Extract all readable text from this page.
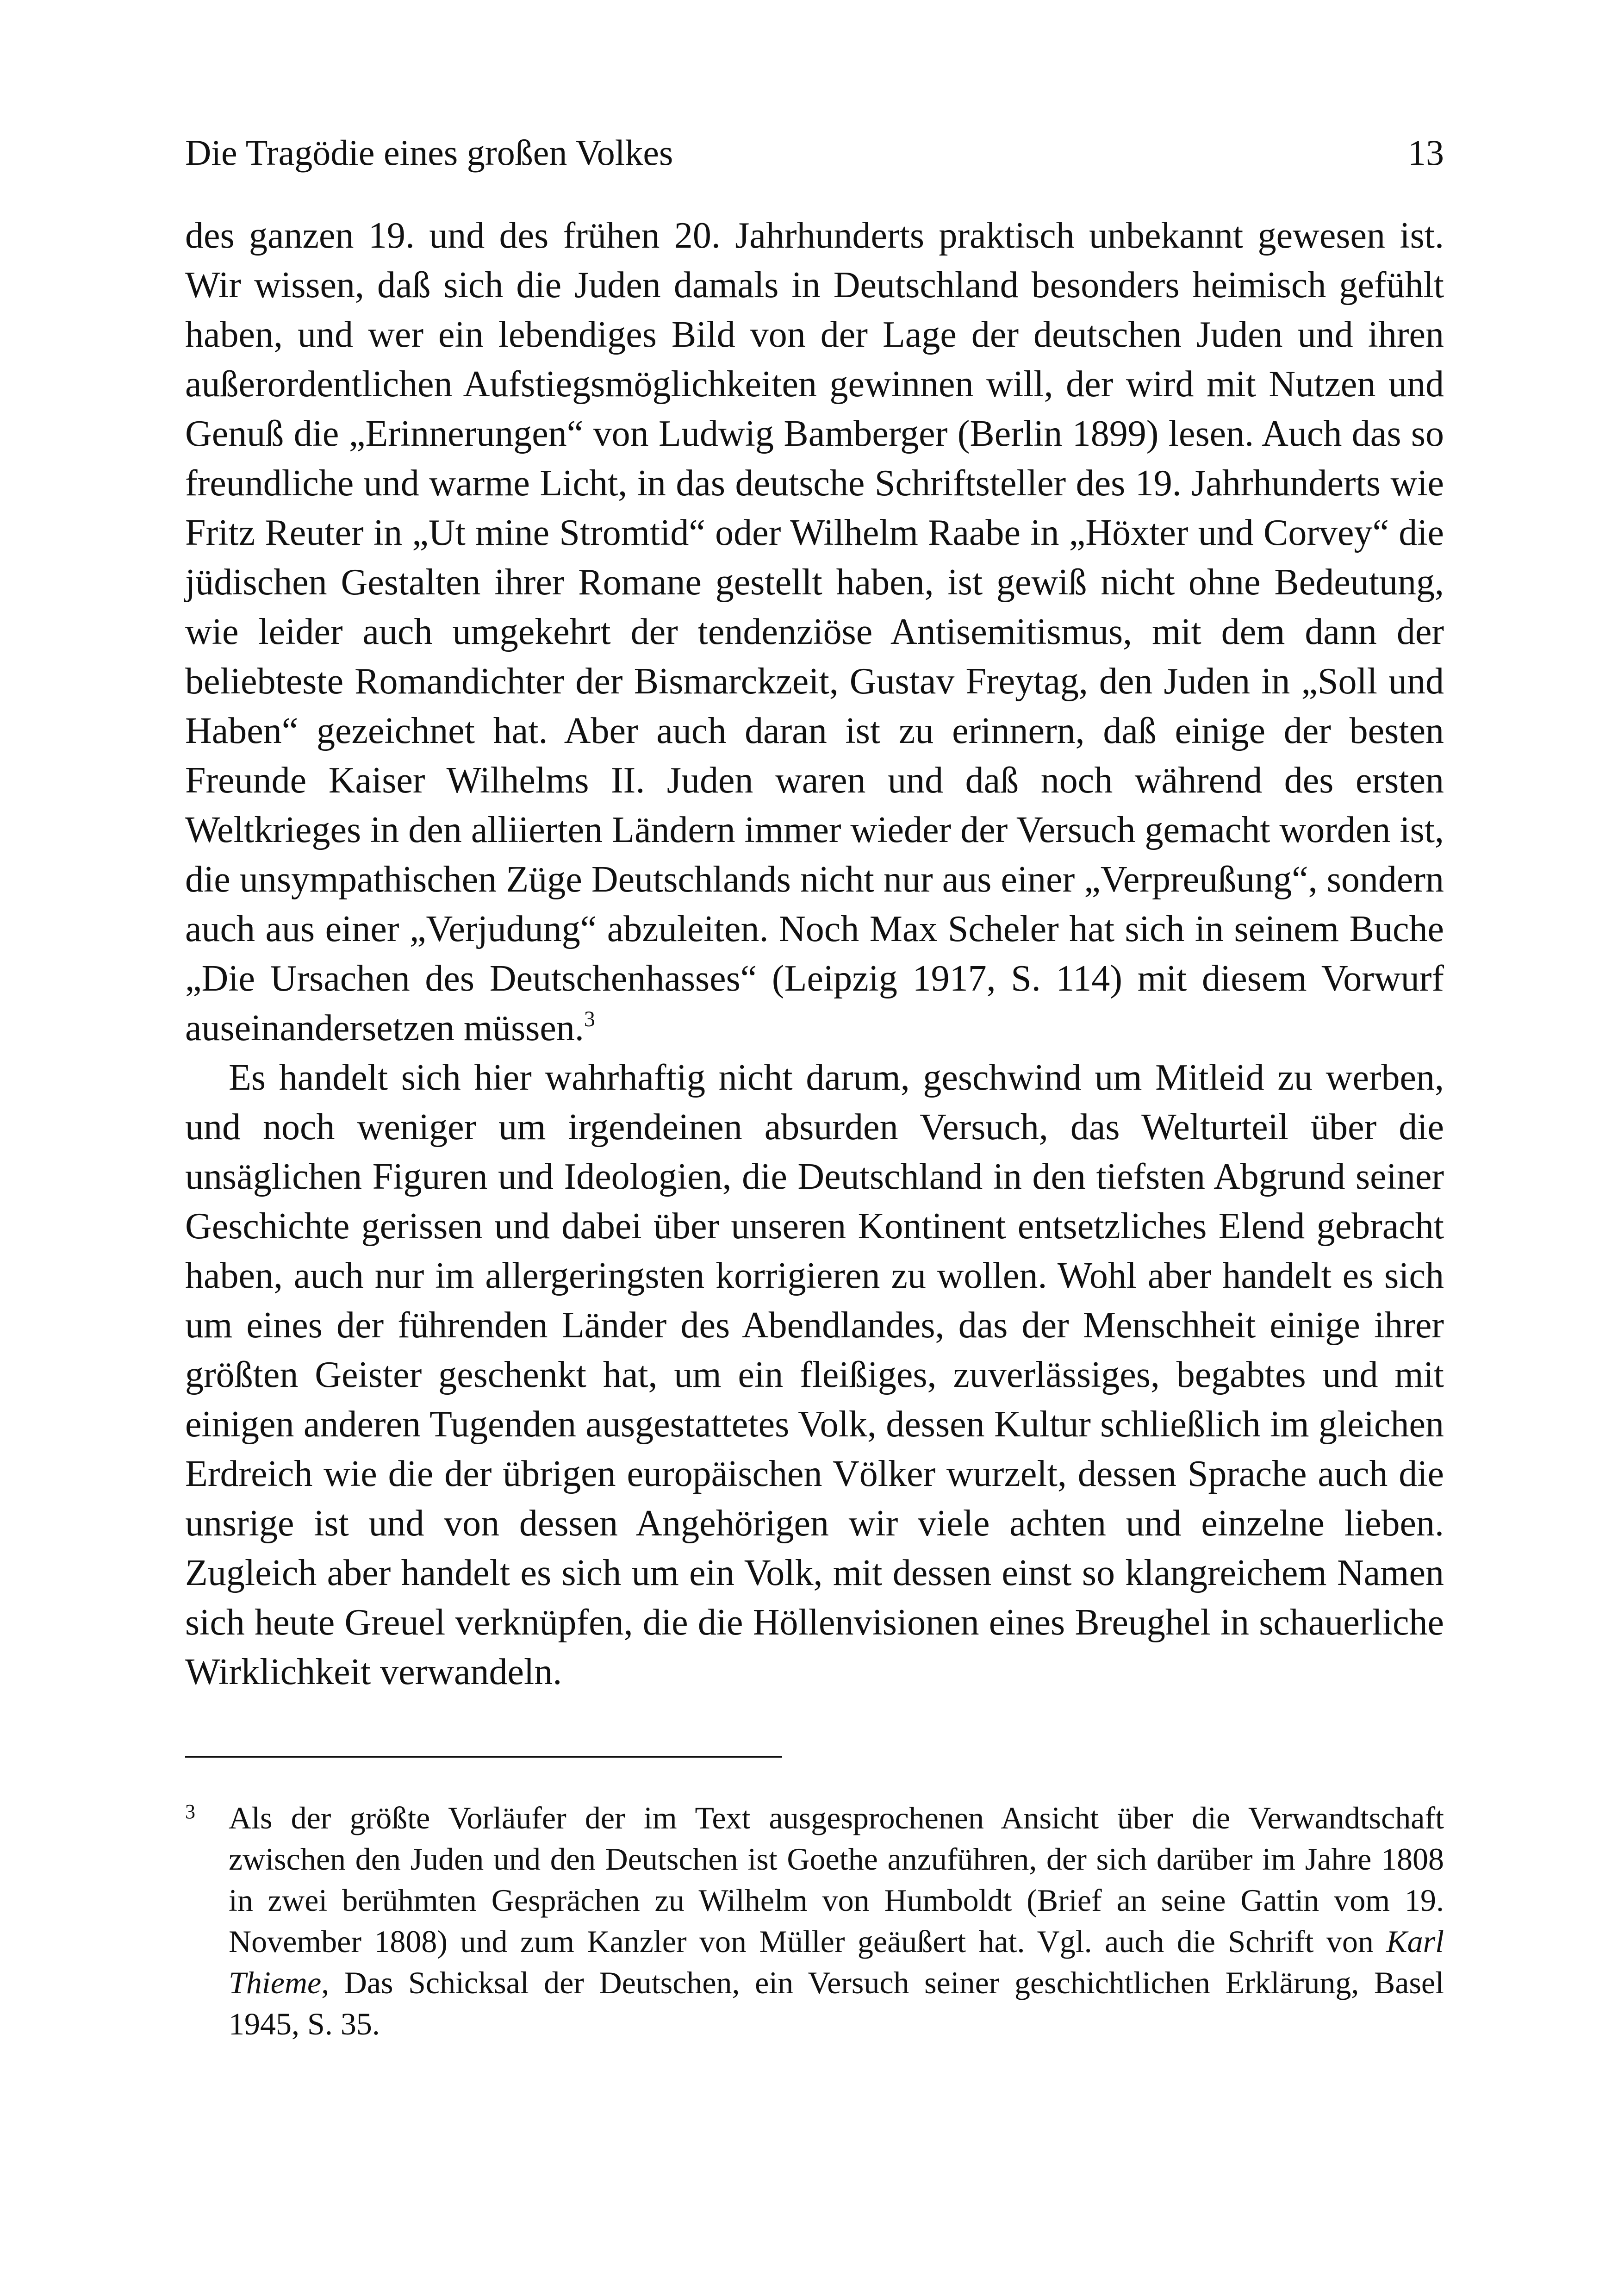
Die Tragödie eines großen Volkes	13

des ganzen 19. und des frühen 20. Jahrhunderts praktisch unbekannt gewesen ist. Wir wissen, daß sich die Juden damals in Deutschland besonders heimisch gefühlt haben, und wer ein lebendiges Bild von der Lage der deutschen Juden und ihren außerordentlichen Aufstiegsmöglichkeiten gewinnen will, der wird mit Nutzen und Genuß die „Erinnerungen“ von Ludwig Bamberger (Berlin 1899) lesen. Auch das so freundliche und warme Licht, in das deutsche Schriftsteller des 19. Jahrhunderts wie Fritz Reuter in „Ut mine Stromtid“ oder Wilhelm Raabe in „Höxter und Corvey“ die jüdischen Gestalten ihrer Romane gestellt haben, ist gewiß nicht ohne Bedeutung, wie leider auch umgekehrt der tendenziöse Antisemitismus, mit dem dann der beliebteste Romandichter der Bismarckzeit, Gustav Freytag, den Juden in „Soll und Haben“ gezeichnet hat. Aber auch daran ist zu erinnern, daß einige der besten Freunde Kaiser Wilhelms II. Juden waren und daß noch während des ersten Weltkrieges in den alliierten Ländern immer wieder der Versuch gemacht worden ist, die unsympathischen Züge Deutschlands nicht nur aus einer „Verpreußung“, sondern auch aus einer „Verjudung“ abzuleiten. Noch Max Scheler hat sich in seinem Buche „Die Ursachen des Deutschenhasses“ (Leipzig 1917, S. 114) mit diesem Vorwurf auseinandersetzen müssen.$^3$

Es handelt sich hier wahrhaftig nicht darum, geschwind um Mitleid zu werben, und noch weniger um irgendeinen absurden Versuch, das Welturteil über die unsäglichen Figuren und Ideologien, die Deutschland in den tiefsten Abgrund seiner Geschichte gerissen und dabei über unseren Kontinent entsetzliches Elend gebracht haben, auch nur im allergeringsten korrigieren zu wollen. Wohl aber handelt es sich um eines der führenden Länder des Abendlandes, das der Menschheit einige ihrer größten Geister geschenkt hat, um ein fleißiges, zuverlässiges, begabtes und mit einigen anderen Tugenden ausgestattetes Volk, dessen Kultur schließlich im gleichen Erdreich wie die der übrigen europäischen Völker wurzelt, dessen Sprache auch die unsrige ist und von dessen Angehörigen wir viele achten und einzelne lieben. Zugleich aber handelt es sich um ein Volk, mit dessen einst so klangreichem Namen sich heute Greuel verknüpfen, die die Höllenvisionen eines Breughel in schauerliche Wirklichkeit verwandeln.

3 Als der größte Vorläufer der im Text ausgesprochenen Ansicht über die Verwandtschaft zwischen den Juden und den Deutschen ist Goethe anzuführen, der sich darüber im Jahre 1808 in zwei berühmten Gesprächen zu Wilhelm von Humboldt (Brief an seine Gattin vom 19. November 1808) und zum Kanzler von Müller geäußert hat. Vgl. auch die Schrift von Karl Thieme, Das Schicksal der Deutschen, ein Versuch seiner geschichtlichen Erklärung, Basel 1945, S. 35.
